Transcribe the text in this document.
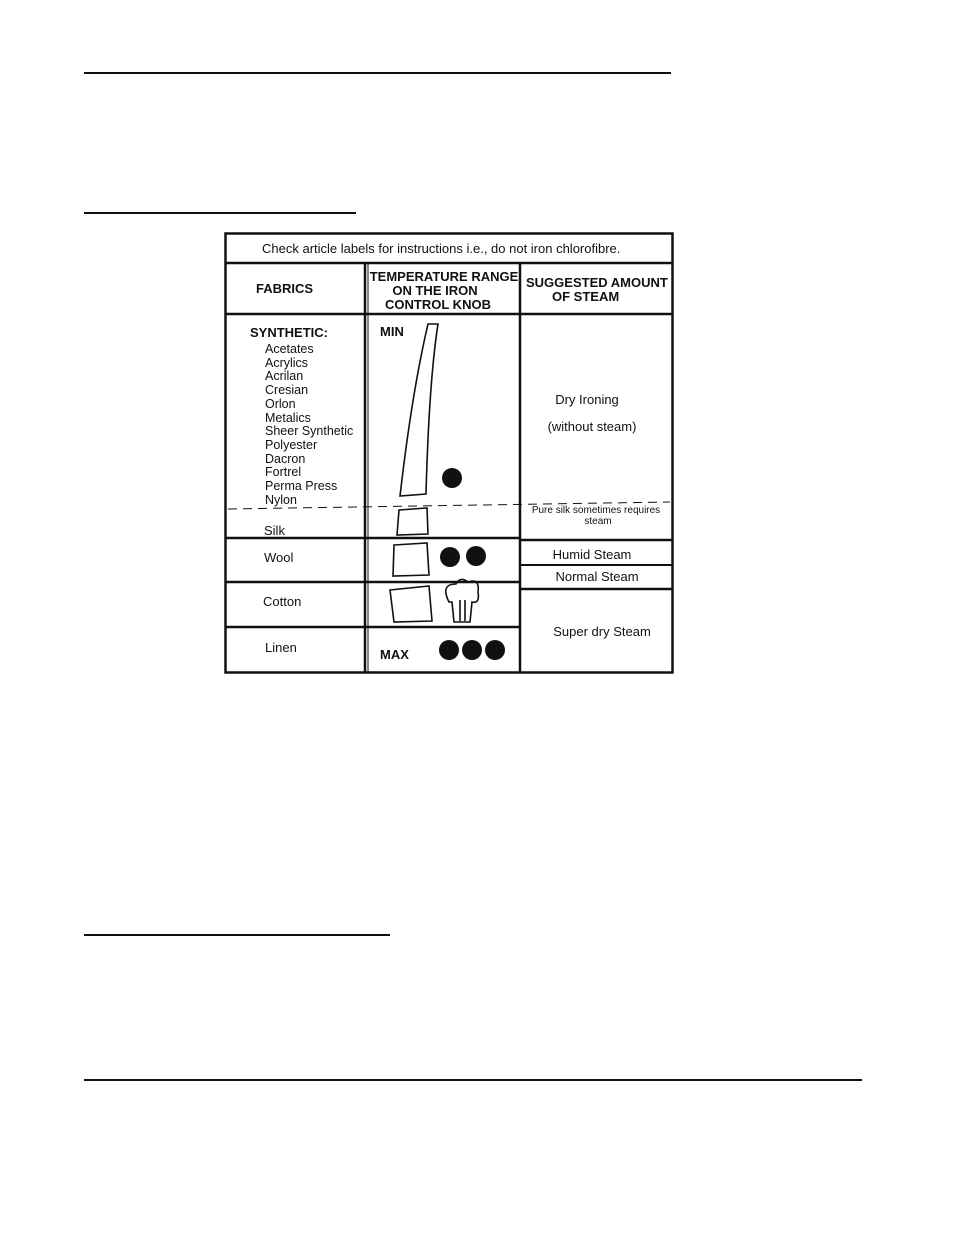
Check article labels for instructions i.e., do not iron chlorofibre.
FABRICS
TEMPERATURE RANGE
ON THE IRON
CONTROL KNOB
SUGGESTED AMOUNT
OF STEAM
SYNTHETIC:
Acetates
Acrylics
Acrilan
Cresian
Orlon
Metalics
Sheer Synthetic
Polyester
Dacron
Fortrel
Perma Press
Nylon
Silk
Wool
Cotton
Linen
MIN
MAX
Dry Ironing
(without steam)
Pure silk sometimes requires
steam
Humid Steam
Normal Steam
Super dry Steam
